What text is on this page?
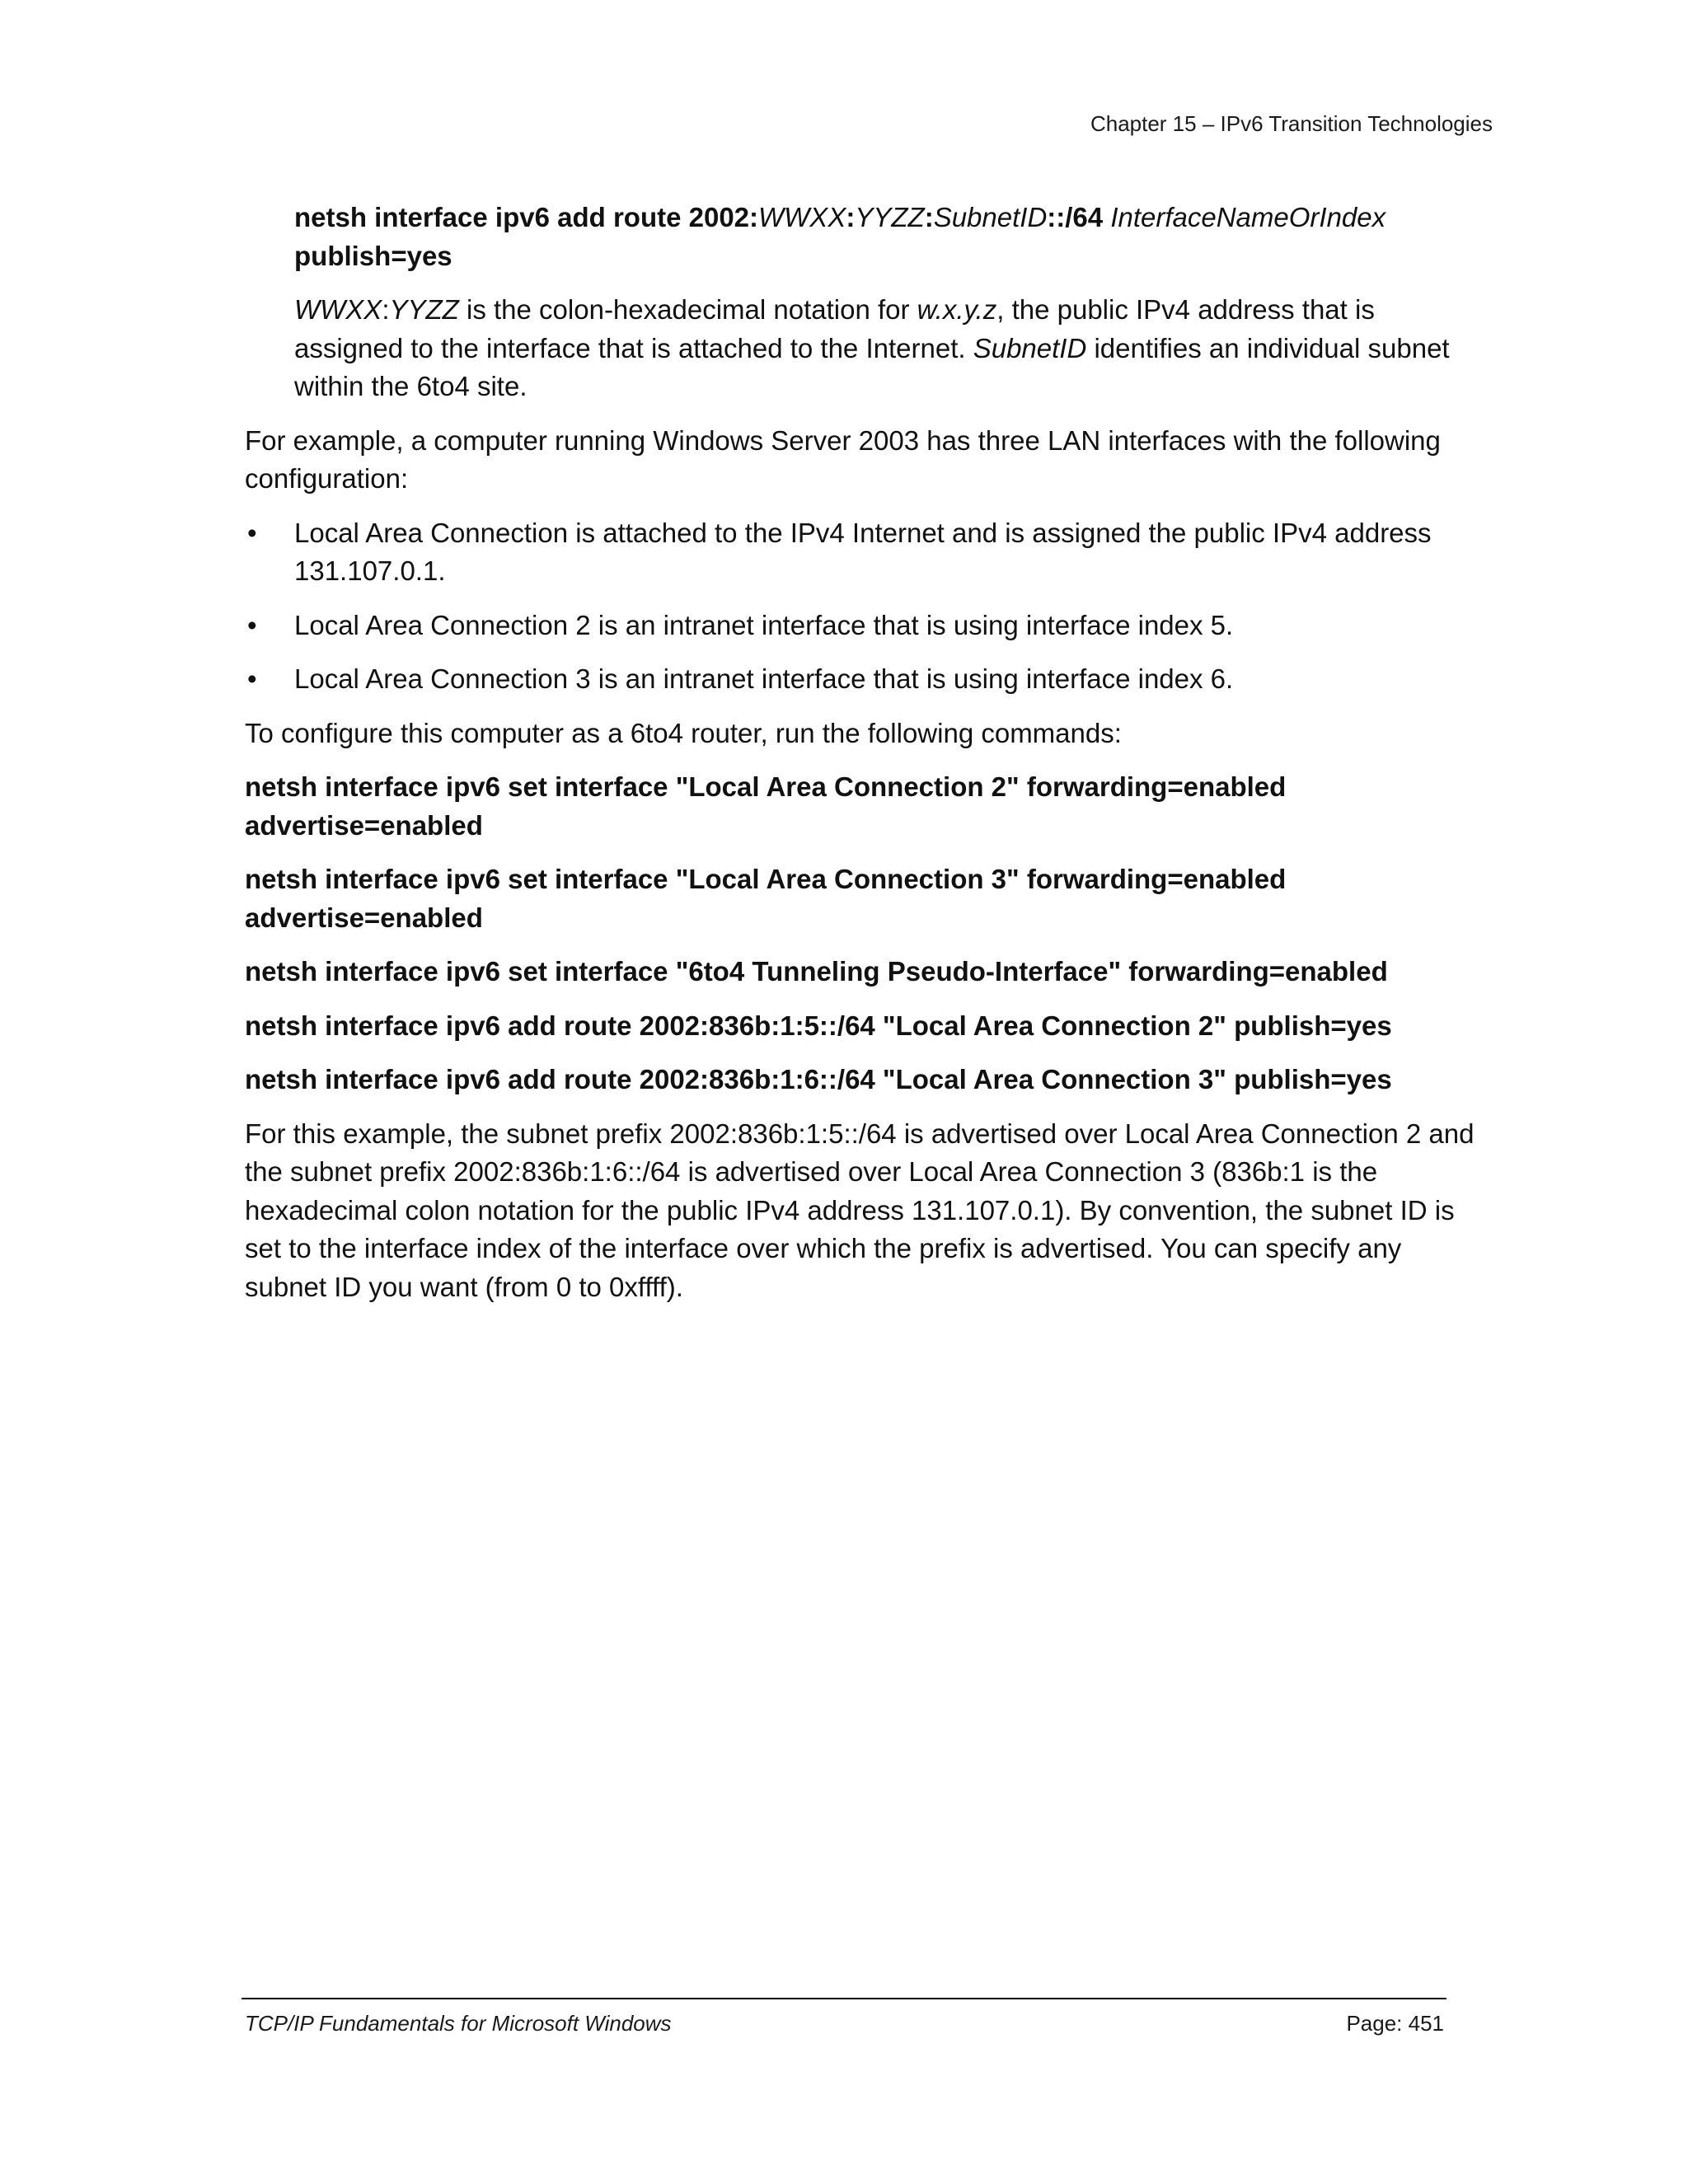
Chapter 15 – IPv6 Transition Technologies

netsh interface ipv6 add route 2002:WWXX:YYZZ:SubnetID::/64 InterfaceNameOrIndex
publish=yes

WWXX:YYZZ is the colon-hexadecimal notation for w.x.y.z, the public IPv4 address that is assigned to the interface that is attached to the Internet. SubnetID identifies an individual subnet within the 6to4 site.

For example, a computer running Windows Server 2003 has three LAN interfaces with the following configuration:

• Local Area Connection is attached to the IPv4 Internet and is assigned the public IPv4 address 131.107.0.1.
• Local Area Connection 2 is an intranet interface that is using interface index 5.
• Local Area Connection 3 is an intranet interface that is using interface index 6.

To configure this computer as a 6to4 router, run the following commands:

netsh interface ipv6 set interface "Local Area Connection 2" forwarding=enabled advertise=enabled

netsh interface ipv6 set interface "Local Area Connection 3" forwarding=enabled advertise=enabled

netsh interface ipv6 set interface "6to4 Tunneling Pseudo-Interface" forwarding=enabled

netsh interface ipv6 add route 2002:836b:1:5::/64 "Local Area Connection 2" publish=yes

netsh interface ipv6 add route 2002:836b:1:6::/64 "Local Area Connection 3" publish=yes

For this example, the subnet prefix 2002:836b:1:5::/64 is advertised over Local Area Connection 2 and the subnet prefix 2002:836b:1:6::/64 is advertised over Local Area Connection 3 (836b:1 is the hexadecimal colon notation for the public IPv4 address 131.107.0.1). By convention, the subnet ID is set to the interface index of the interface over which the prefix is advertised. You can specify any subnet ID you want (from 0 to 0xffff).

TCP/IP Fundamentals for Microsoft Windows	Page: 451
